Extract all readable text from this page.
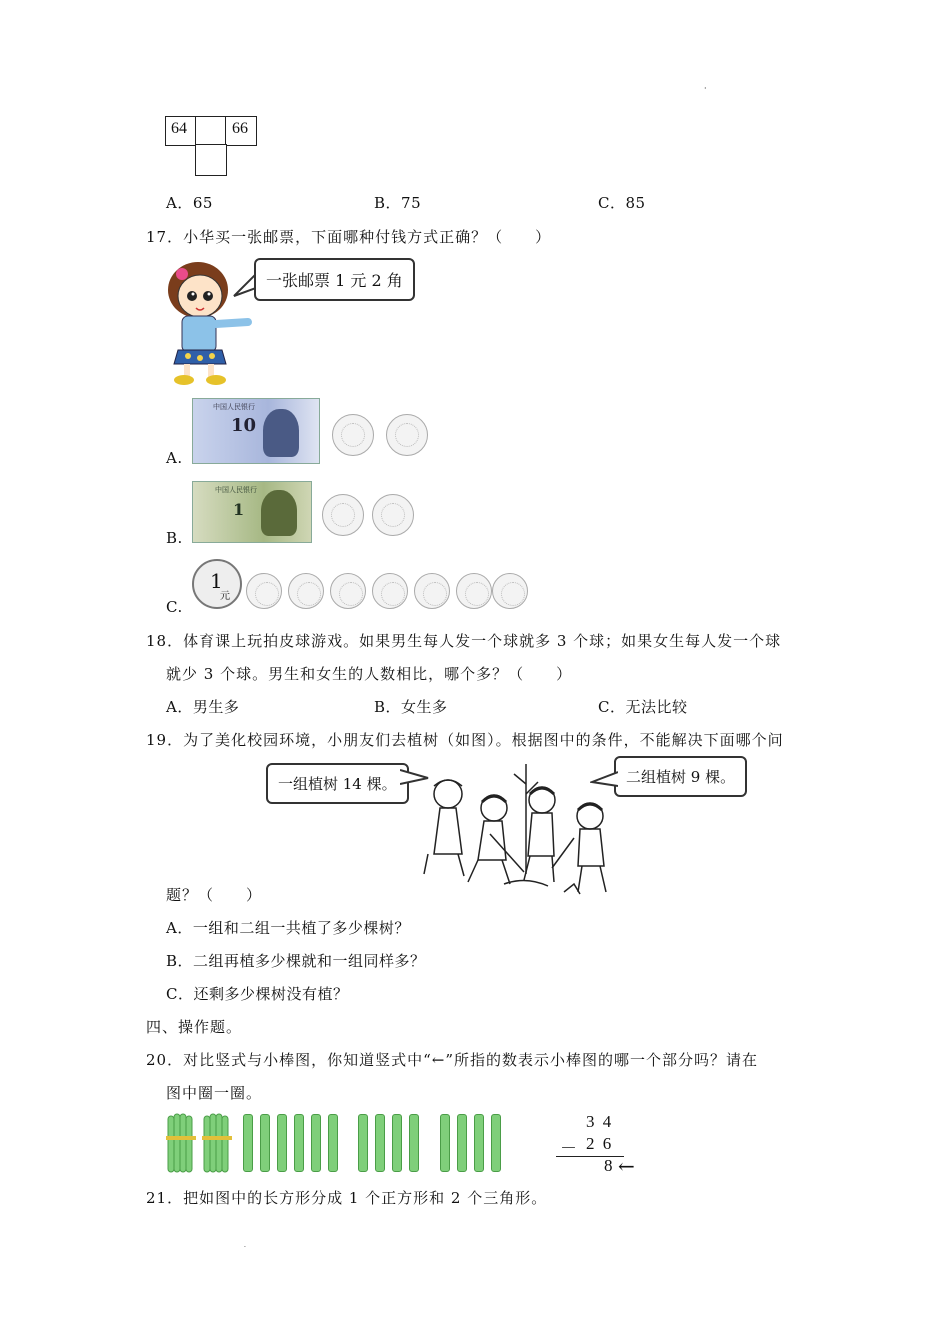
64	66
·
A．65	B．75	C．85
17．小华买一张邮票，下面哪种付钱方式正确？（　　）
一张邮票 1 元 2 角
A.
中国人民银行
10
B.
中国人民银行
1
C.
1
元
18．体育课上玩拍皮球游戏。如果男生每人发一个球就多 3 个球；如果女生每人发一个球
就少 3 个球。男生和女生的人数相比，哪个多？（　　）
A．男生多	B．女生多	C．无法比较
19．为了美化校园环境，小朋友们去植树（如图）。根据图中的条件，不能解决下面哪个问
一组植树 14 棵。	二组植树 9 棵。
题？（　　）
A．一组和二组一共植了多少棵树？
B．二组再植多少棵就和一组同样多？
C．还剩多少棵树没有植？
四、操作题。
20．对比竖式与小棒图，你知道竖式中“←”所指的数表示小棒图的哪一个部分吗？请在
图中圈一圈。
3 4
－ 2 6
8 ←
21．把如图中的长方形分成 1 个正方形和 2 个三角形。
·
